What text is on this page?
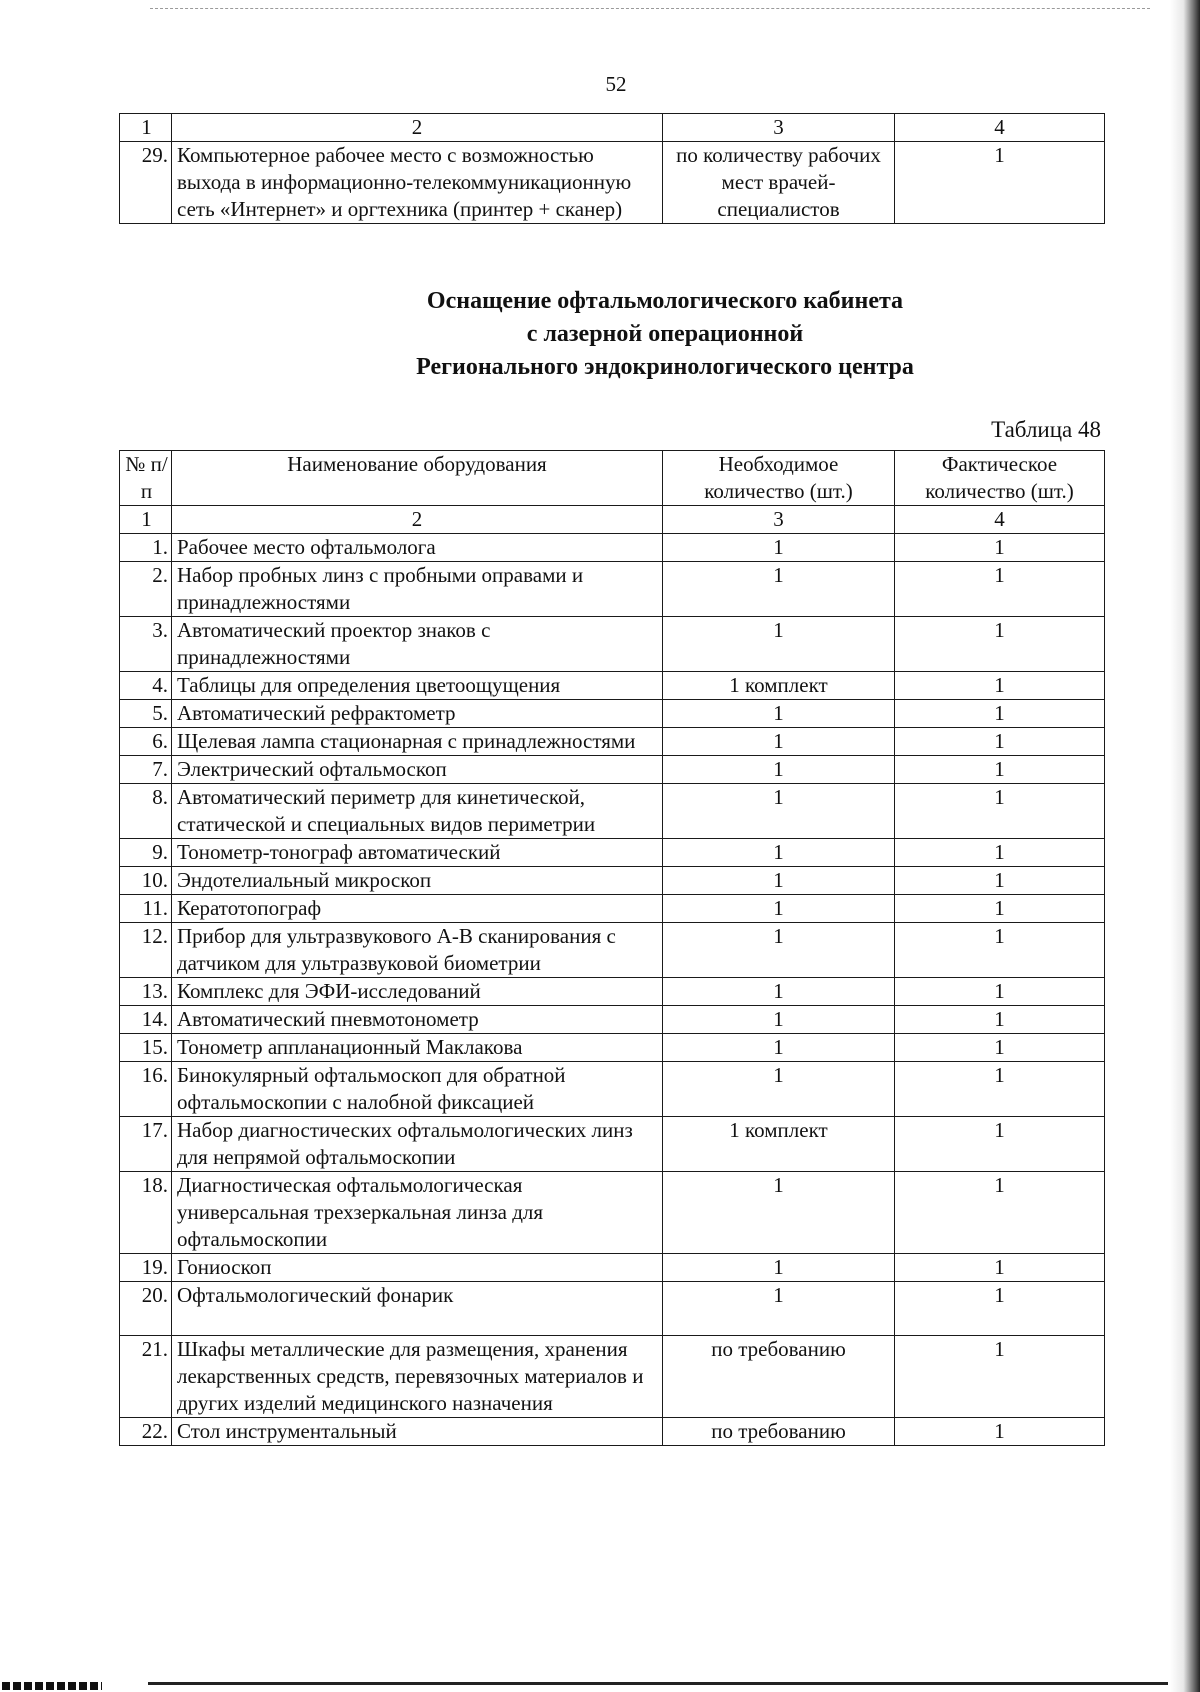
52
1	2	3	4
29.	Компьютерное рабочее место с возможностью выхода в информационно-телекоммуникационную сеть «Интернет» и оргтехника (принтер + сканер)	по количеству рабочих мест врачей-специалистов	1
Оснащение офтальмологического кабинета
с лазерной операционной
Регионального эндокринологического центра
Таблица 48
№ п/п	Наименование оборудования	Необходимое количество (шт.)	Фактическое количество (шт.)
1	2	3	4
1.	Рабочее место офтальмолога	1	1
2.	Набор пробных линз с пробными оправами и принадлежностями	1	1
3.	Автоматический проектор знаков с принадлежностями	1	1
4.	Таблицы для определения цветоощущения	1 комплект	1
5.	Автоматический рефрактометр	1	1
6.	Щелевая лампа стационарная с принадлежностями	1	1
7.	Электрический офтальмоскоп	1	1
8.	Автоматический периметр для кинетической, статической и специальных видов периметрии	1	1
9.	Тонометр-тонограф автоматический	1	1
10.	Эндотелиальный микроскоп	1	1
11.	Кератотопограф	1	1
12.	Прибор для ультразвукового А-В сканирования с датчиком для ультразвуковой биометрии	1	1
13.	Комплекс для ЭФИ-исследований	1	1
14.	Автоматический пневмотонометр	1	1
15.	Тонометр аппланационный Маклакова	1	1
16.	Бинокулярный офтальмоскоп для обратной офтальмоскопии с налобной фиксацией	1	1
17.	Набор диагностических офтальмологических линз для непрямой офтальмоскопии	1 комплект	1
18.	Диагностическая офтальмологическая универсальная трехзеркальная линза для офтальмоскопии	1	1
19.	Гониоскоп	1	1
20.	Офтальмологический фонарик	1	1
21.	Шкафы металлические для размещения, хранения лекарственных средств, перевязочных материалов и других изделий медицинского назначения	по требованию	1
22.	Стол инструментальный	по требованию	1
